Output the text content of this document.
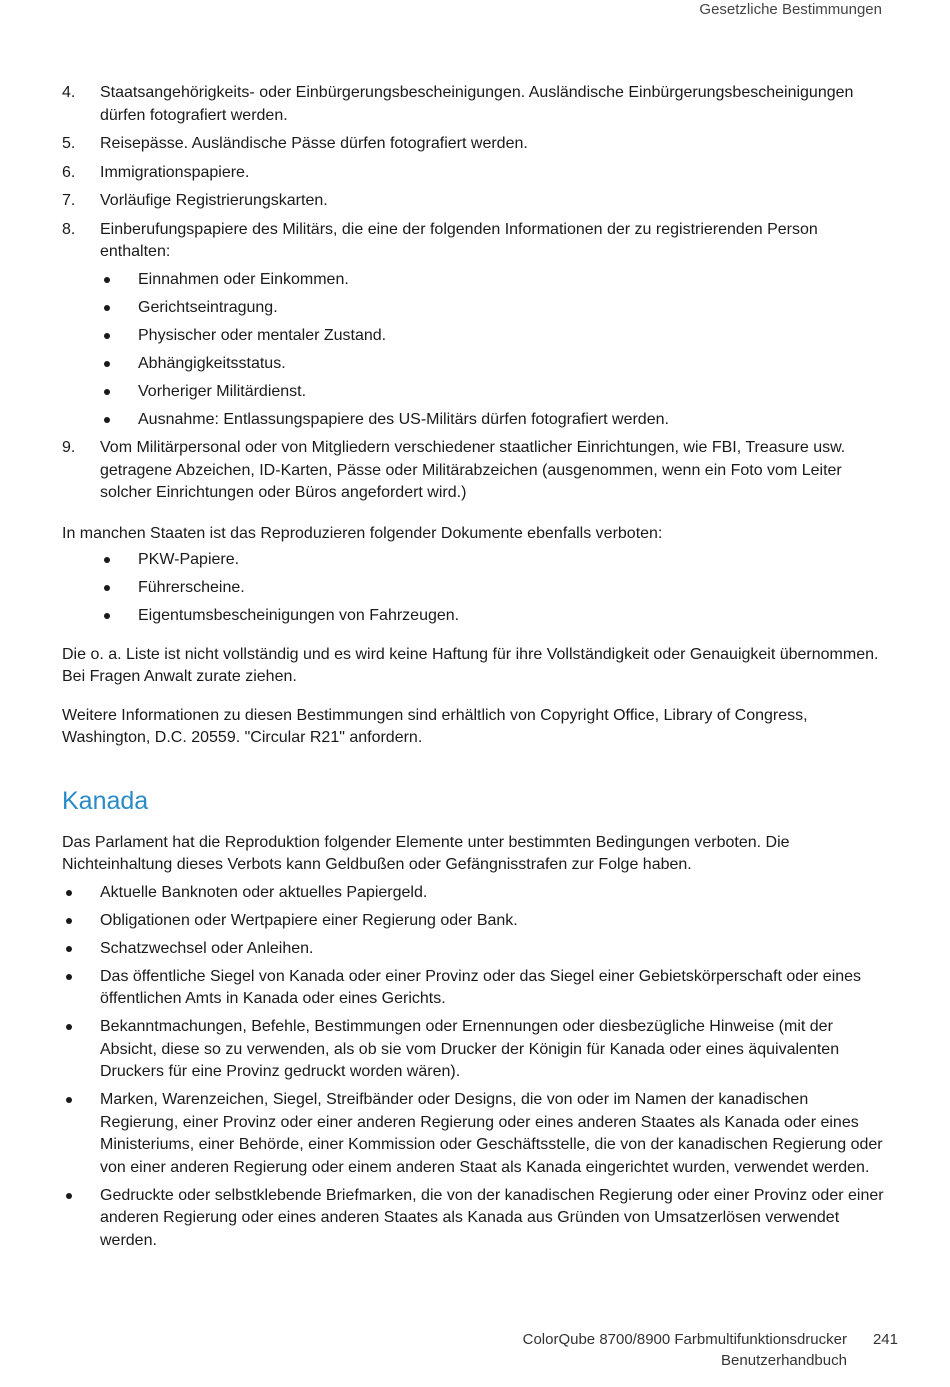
Gesetzliche Bestimmungen
4. Staatsangehörigkeits- oder Einbürgerungsbescheinigungen. Ausländische Einbürgerungsbescheinigungen dürfen fotografiert werden.
5. Reisepässe. Ausländische Pässe dürfen fotografiert werden.
6. Immigrationspapiere.
7. Vorläufige Registrierungskarten.
8. Einberufungspapiere des Militärs, die eine der folgenden Informationen der zu registrierenden Person enthalten:
Einnahmen oder Einkommen.
Gerichtseintragung.
Physischer oder mentaler Zustand.
Abhängigkeitsstatus.
Vorheriger Militärdienst.
Ausnahme: Entlassungspapiere des US-Militärs dürfen fotografiert werden.
9. Vom Militärpersonal oder von Mitgliedern verschiedener staatlicher Einrichtungen, wie FBI, Treasure usw. getragene Abzeichen, ID-Karten, Pässe oder Militärabzeichen (ausgenommen, wenn ein Foto vom Leiter solcher Einrichtungen oder Büros angefordert wird.)

In manchen Staaten ist das Reproduzieren folgender Dokumente ebenfalls verboten:

PKW-Papiere.
Führerscheine.
Eigentumsbescheinigungen von Fahrzeugen.

Die o. a. Liste ist nicht vollständig und es wird keine Haftung für ihre Vollständigkeit oder Genauigkeit übernommen. Bei Fragen Anwalt zurate ziehen.

Weitere Informationen zu diesen Bestimmungen sind erhältlich von Copyright Office, Library of Congress, Washington, D.C. 20559. "Circular R21" anfordern.

Kanada

Das Parlament hat die Reproduktion folgender Elemente unter bestimmten Bedingungen verboten. Die Nichteinhaltung dieses Verbots kann Geldbußen oder Gefängnisstrafen zur Folge haben.

Aktuelle Banknoten oder aktuelles Papiergeld.
Obligationen oder Wertpapiere einer Regierung oder Bank.
Schatzwechsel oder Anleihen.
Das öffentliche Siegel von Kanada oder einer Provinz oder das Siegel einer Gebietskörperschaft oder eines öffentlichen Amts in Kanada oder eines Gerichts.
Bekanntmachungen, Befehle, Bestimmungen oder Ernennungen oder diesbezügliche Hinweise (mit der Absicht, diese so zu verwenden, als ob sie vom Drucker der Königin für Kanada oder eines äquivalenten Druckers für eine Provinz gedruckt worden wären).
Marken, Warenzeichen, Siegel, Streifbänder oder Designs, die von oder im Namen der kanadischen Regierung, einer Provinz oder einer anderen Regierung oder eines anderen Staates als Kanada oder eines Ministeriums, einer Behörde, einer Kommission oder Geschäftsstelle, die von der kanadischen Regierung oder von einer anderen Regierung oder einem anderen Staat als Kanada eingerichtet wurden, verwendet werden.
Gedruckte oder selbstklebende Briefmarken, die von der kanadischen Regierung oder einer Provinz oder einer anderen Regierung oder eines anderen Staates als Kanada aus Gründen von Umsatzerlösen verwendet werden.
ColorQube 8700/8900 Farbmultifunktionsdrucker
Benutzerhandbuch
241
